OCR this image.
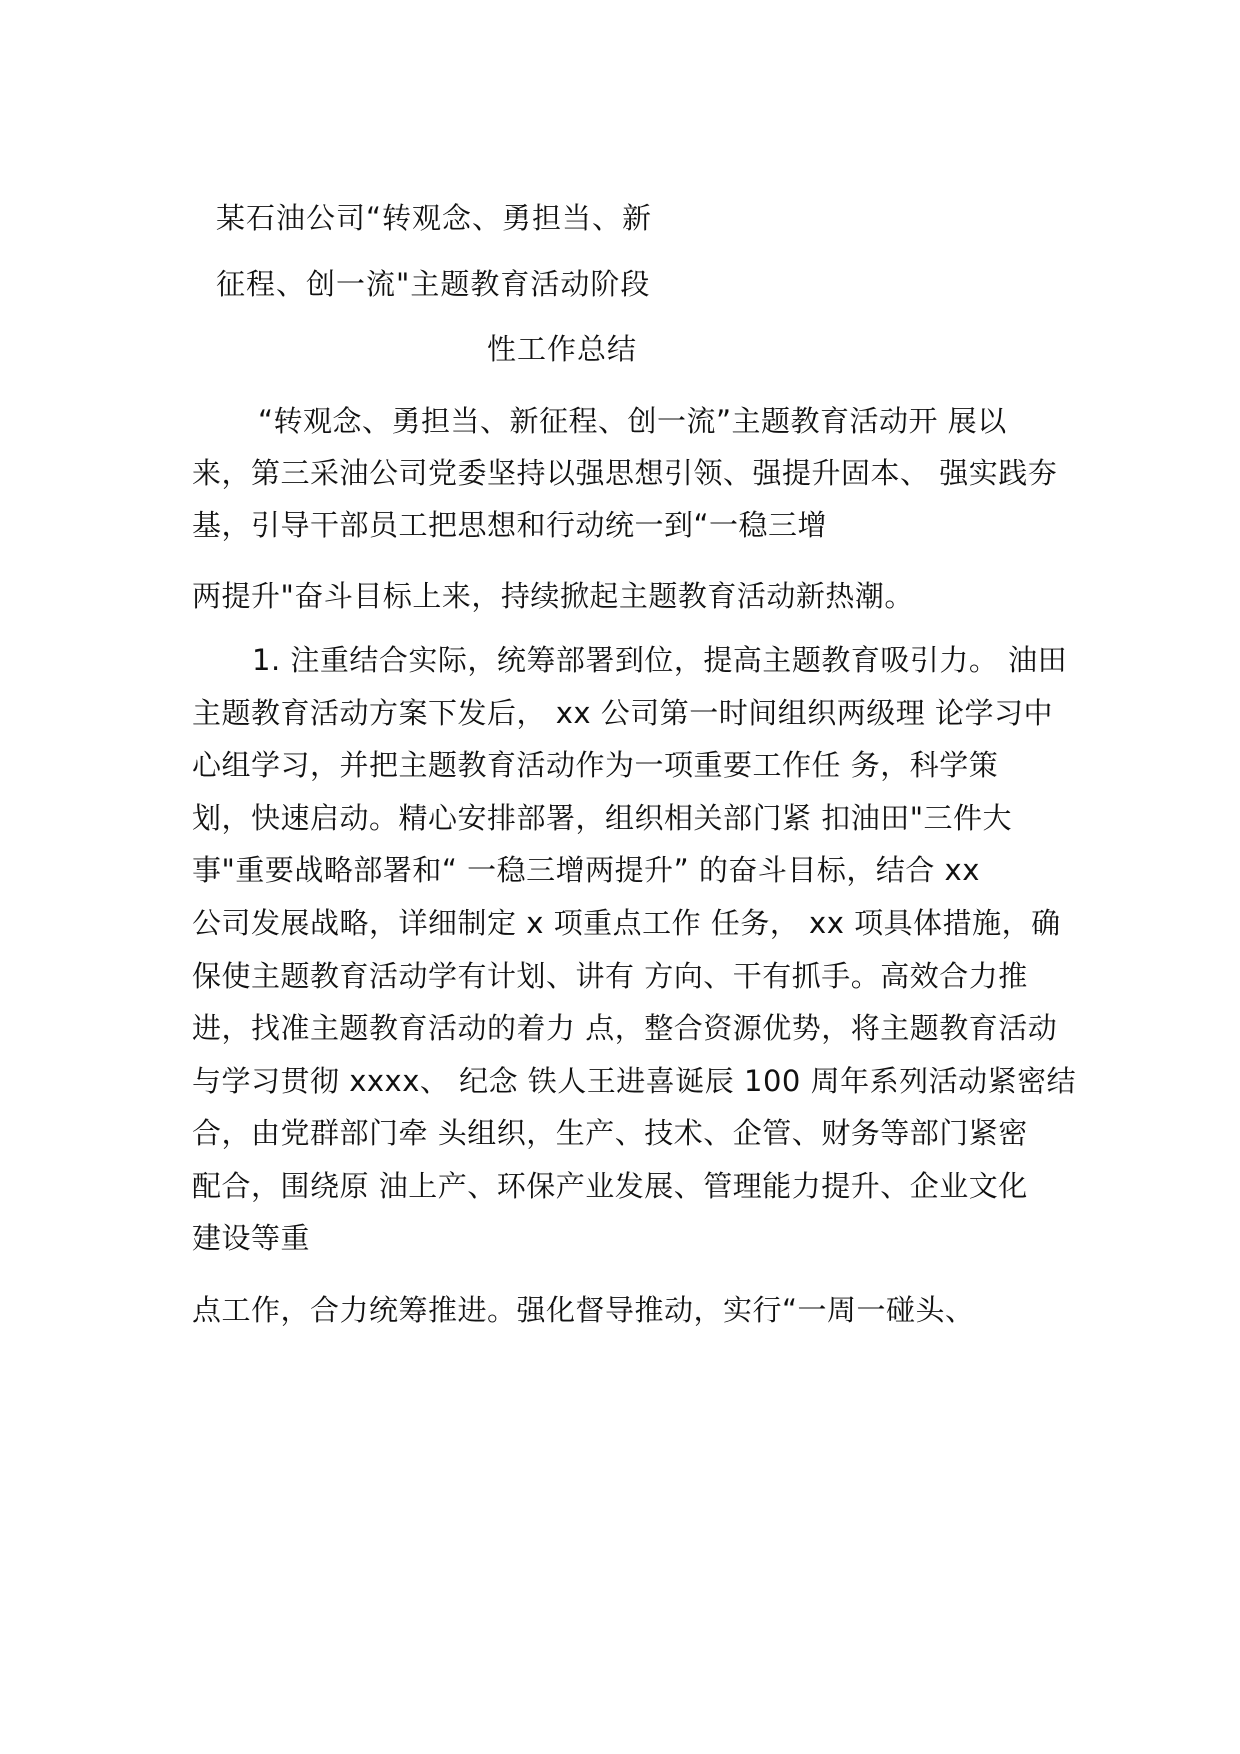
某石油公司“转观念、勇担当、新
征程、创一流"主题教育活动阶段
性工作总结
“转观念、勇担当、新征程、创一流”主题教育活动开 展以
来，第三采油公司党委坚持以强思想引领、强提升固本、 强实践夯
基，引导干部员工把思想和行动统一到“一稳三增
两提升"奋斗目标上来，持续掀起主题教育活动新热潮。
1. 注重结合实际，统筹部署到位，提高主题教育吸引力。 油田
主题教育活动方案下发后， xx 公司第一时间组织两级理 论学习中
心组学习，并把主题教育活动作为一项重要工作任 务，科学策
划，快速启动。精心安排部署，组织相关部门紧 扣油田"三件大
事"重要战略部署和“ 一稳三增两提升” 的奋斗目标，结合 xx
公司发展战略，详细制定 x 项重点工作 任务， xx 项具体措施，确
保使主题教育活动学有计划、讲有 方向、干有抓手。高效合力推
进，找准主题教育活动的着力 点，整合资源优势，将主题教育活动
与学习贯彻 xxxx、 纪念 铁人王进喜诞辰 100 周年系列活动紧密结
合，由党群部门牵 头组织，生产、技术、企管、财务等部门紧密
配合，围绕原 油上产、环保产业发展、管理能力提升、企业文化
建设等重
点工作，合力统筹推进。强化督导推动，实行“一周一碰头、
